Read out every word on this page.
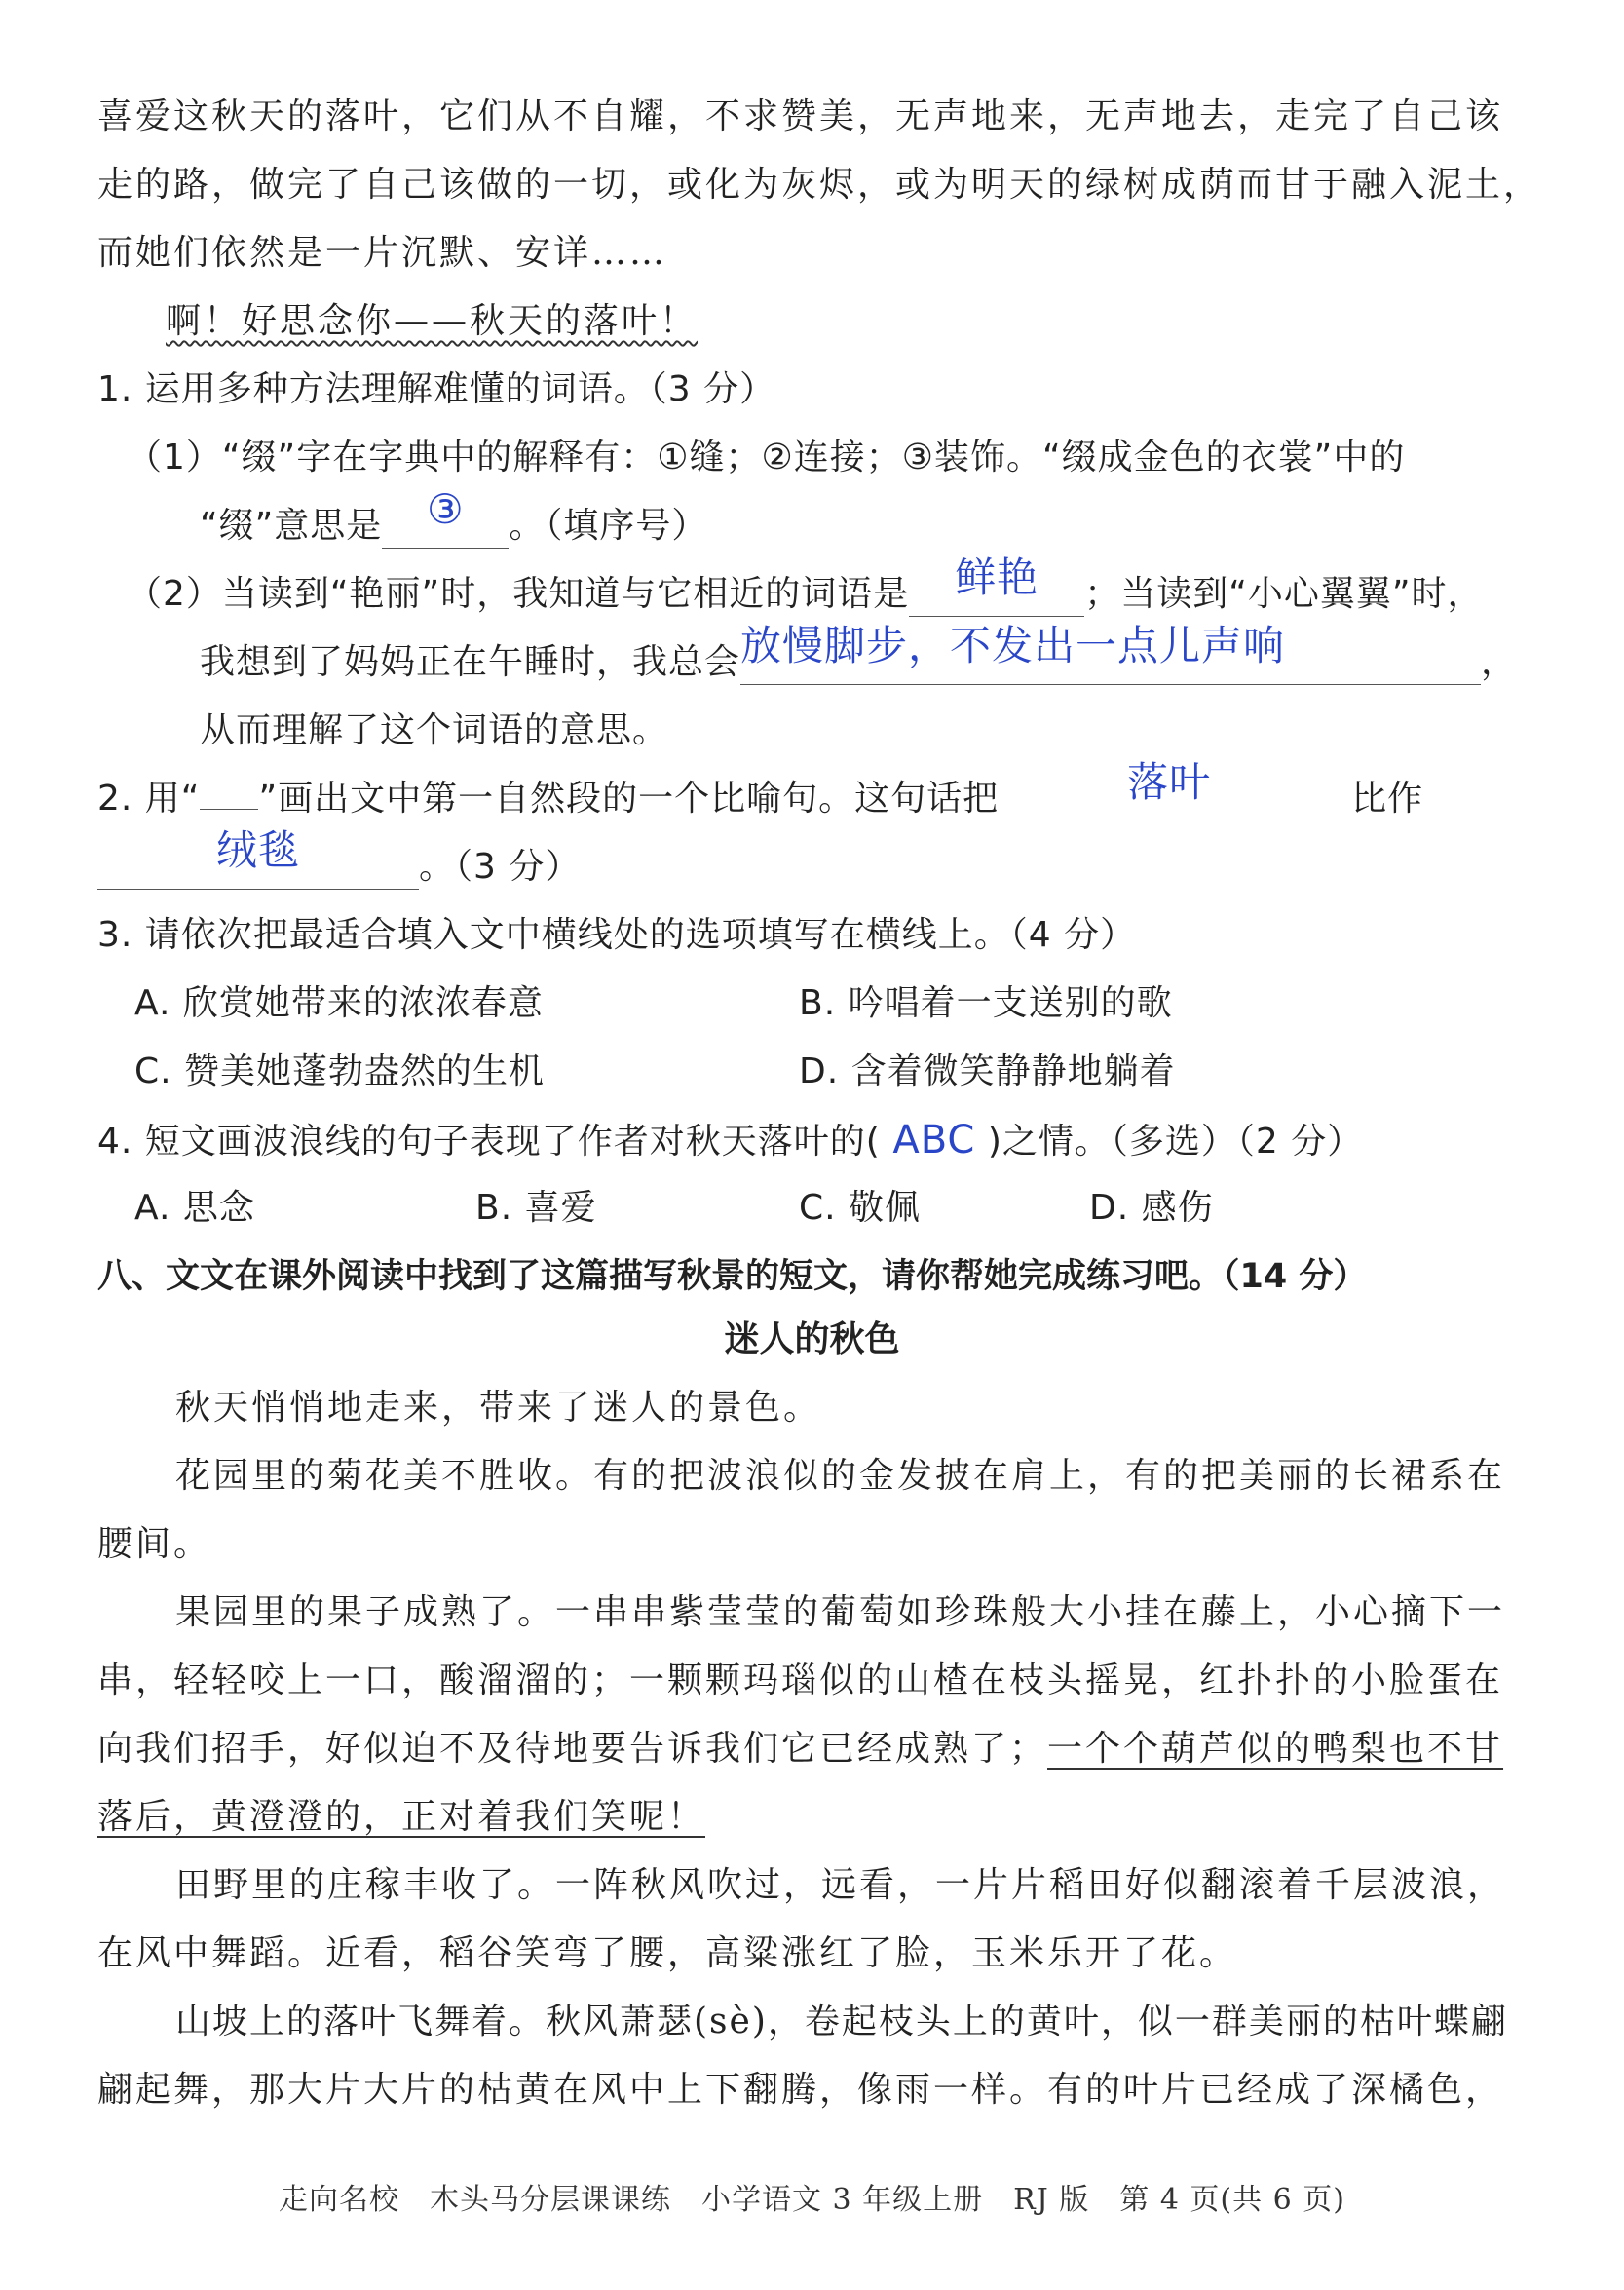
喜爱这秋天的落叶，它们从不自耀，不求赞美，无声地来，无声地去，走完了自己该
走的路，做完了自己该做的一切，或化为灰烬，或为明天的绿树成荫而甘于融入泥土，
而她们依然是一片沉默、安详……
啊！好思念你——秋天的落叶！
1. 运用多种方法理解难懂的词语。（3 分）
（1）“缀”字在字典中的解释有：①缝；②连接；③装饰。“缀成金色的衣裳”中的
“缀”意思是 ③ 。（填序号）
（2）当读到“艳丽”时，我知道与它相近的词语是 鲜艳 ；当读到“小心翼翼”时，
我想到了妈妈正在午睡时，我总会放慢脚步，不发出一点儿声响	，
从而理解了这个词语的意思。
2. 用“ ”画出文中第一自然段的一个比喻句。这句话把	落叶	比作
绒毯	。（3 分）
3. 请依次把最适合填入文中横线处的选项填写在横线上。（4 分）
A. 欣赏她带来的浓浓春意	B. 吟唱着一支送别的歌
C. 赞美她蓬勃盎然的生机	D. 含着微笑静静地躺着
4. 短文画波浪线的句子表现了作者对秋天落叶的( ABC )之情。（多选）（2 分）
A. 思念	B. 喜爱	C. 敬佩	D. 感伤
八、文文在课外阅读中找到了这篇描写秋景的短文，请你帮她完成练习吧。（14 分）
迷人的秋色
秋天悄悄地走来，带来了迷人的景色。
花园里的菊花美不胜收。有的把波浪似的金发披在肩上，有的把美丽的长裙系在
腰间。
果园里的果子成熟了。一串串紫莹莹的葡萄如珍珠般大小挂在藤上，小心摘下一
串，轻轻咬上一口，酸溜溜的；一颗颗玛瑙似的山楂在枝头摇晃，红扑扑的小脸蛋在
向我们招手，好似迫不及待地要告诉我们它已经成熟了；一个个葫芦似的鸭梨也不甘
落后，黄澄澄的，正对着我们笑呢！
田野里的庄稼丰收了。一阵秋风吹过，远看，一片片稻田好似翻滚着千层波浪，
在风中舞蹈。近看，稻谷笑弯了腰，高粱涨红了脸，玉米乐开了花。
山坡上的落叶飞舞着。秋风萧瑟(sè)，卷起枝头上的黄叶，似一群美丽的枯叶蝶翩
翩起舞，那大片大片的枯黄在风中上下翻腾，像雨一样。有的叶片已经成了深橘色，
走向名校　木头马分层课课练　小学语文 3 年级上册　RJ 版　第 4 页(共 6 页)
